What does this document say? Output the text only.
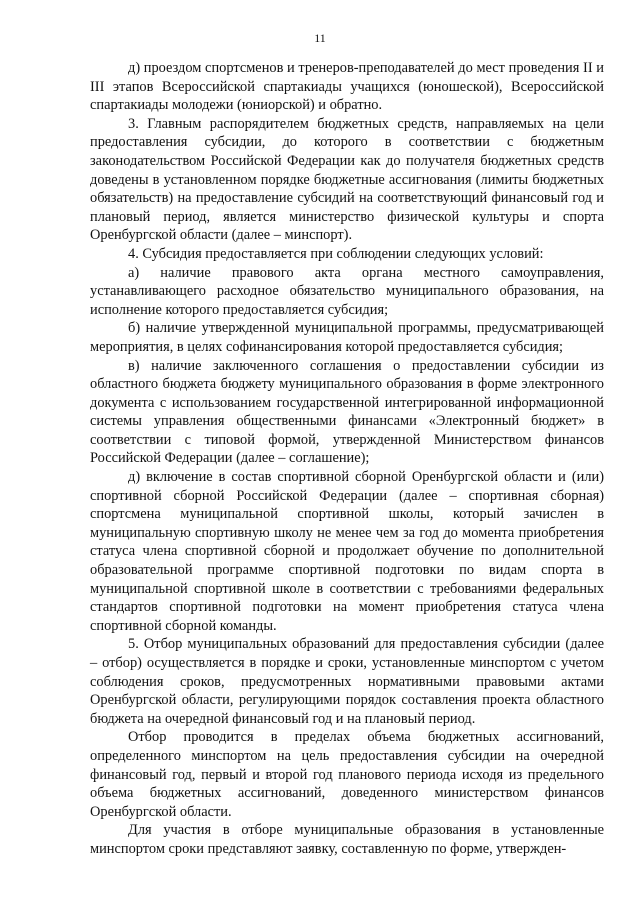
11

д) проездом спортсменов и тренеров-преподавателей до мест проведения II и III этапов Всероссийской спартакиады учащихся (юношеской), Всероссийской спартакиады молодежи (юниорской) и обратно.

3. Главным распорядителем бюджетных средств, направляемых на цели предоставления субсидии, до которого в соответствии с бюджетным законодательством Российской Федерации как до получателя бюджетных средств доведены в установленном порядке бюджетные ассигнования (лимиты бюджетных обязательств) на предоставление субсидий на соответствующий финансовый год и плановый период, является министерство физической культуры и спорта Оренбургской области (далее – минспорт).

4. Субсидия предоставляется при соблюдении следующих условий:

а) наличие правового акта органа местного самоуправления, устанавливающего расходное обязательство муниципального образования, на исполнение которого предоставляется субсидия;

б) наличие утвержденной муниципальной программы, предусматривающей мероприятия, в целях софинансирования которой предоставляется субсидия;

в) наличие заключенного соглашения о предоставлении субсидии из областного бюджета бюджету муниципального образования в форме электронного документа с использованием государственной интегрированной информационной системы управления общественными финансами «Электронный бюджет» в соответствии с типовой формой, утвержденной Министерством финансов Российской Федерации (далее – соглашение);

д) включение в состав спортивной сборной Оренбургской области и (или) спортивной сборной Российской Федерации (далее – спортивная сборная) спортсмена муниципальной спортивной школы, который зачислен в муниципальную спортивную школу не менее чем за год до момента приобретения статуса члена спортивной сборной и продолжает обучение по дополнительной образовательной программе спортивной подготовки по видам спорта в муниципальной спортивной школе в соответствии с требованиями федеральных стандартов спортивной подготовки на момент приобретения статуса члена спортивной сборной команды.

5. Отбор муниципальных образований для предоставления субсидии (далее – отбор) осуществляется в порядке и сроки, установленные минспортом с учетом соблюдения сроков, предусмотренных нормативными правовыми актами Оренбургской области, регулирующими порядок составления проекта областного бюджета на очередной финансовый год и на плановый период.

Отбор проводится в пределах объема бюджетных ассигнований, определенного минспортом на цель предоставления субсидии на очередной финансовый год, первый и второй год планового периода исходя из предельного объема бюджетных ассигнований, доведенного министерством финансов Оренбургской области.

Для участия в отборе муниципальные образования в установленные минспортом сроки представляют заявку, составленную по форме, утвержден-
